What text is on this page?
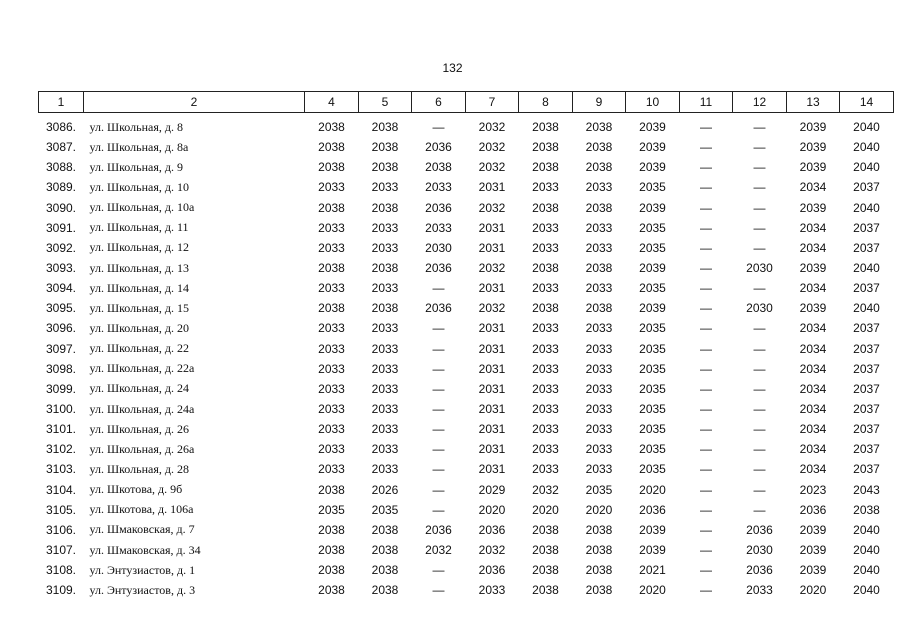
132
1	2	4	5	6	7	8	9	10	11	12	13	14
3086.	ул. Школьная, д. 8	2038	2038	—	2032	2038	2038	2039	—	—	2039	2040
3087.	ул. Школьная, д. 8а	2038	2038	2036	2032	2038	2038	2039	—	—	2039	2040
3088.	ул. Школьная, д. 9	2038	2038	2038	2032	2038	2038	2039	—	—	2039	2040
3089.	ул. Школьная, д. 10	2033	2033	2033	2031	2033	2033	2035	—	—	2034	2037
3090.	ул. Школьная, д. 10а	2038	2038	2036	2032	2038	2038	2039	—	—	2039	2040
3091.	ул. Школьная, д. 11	2033	2033	2033	2031	2033	2033	2035	—	—	2034	2037
3092.	ул. Школьная, д. 12	2033	2033	2030	2031	2033	2033	2035	—	—	2034	2037
3093.	ул. Школьная, д. 13	2038	2038	2036	2032	2038	2038	2039	—	2030	2039	2040
3094.	ул. Школьная, д. 14	2033	2033	—	2031	2033	2033	2035	—	—	2034	2037
3095.	ул. Школьная, д. 15	2038	2038	2036	2032	2038	2038	2039	—	2030	2039	2040
3096.	ул. Школьная, д. 20	2033	2033	—	2031	2033	2033	2035	—	—	2034	2037
3097.	ул. Школьная, д. 22	2033	2033	—	2031	2033	2033	2035	—	—	2034	2037
3098.	ул. Школьная, д. 22а	2033	2033	—	2031	2033	2033	2035	—	—	2034	2037
3099.	ул. Школьная, д. 24	2033	2033	—	2031	2033	2033	2035	—	—	2034	2037
3100.	ул. Школьная, д. 24а	2033	2033	—	2031	2033	2033	2035	—	—	2034	2037
3101.	ул. Школьная, д. 26	2033	2033	—	2031	2033	2033	2035	—	—	2034	2037
3102.	ул. Школьная, д. 26а	2033	2033	—	2031	2033	2033	2035	—	—	2034	2037
3103.	ул. Школьная, д. 28	2033	2033	—	2031	2033	2033	2035	—	—	2034	2037
3104.	ул. Шкотова, д. 9б	2038	2026	—	2029	2032	2035	2020	—	—	2023	2043
3105.	ул. Шкотова, д. 106а	2035	2035	—	2020	2020	2020	2036	—	—	2036	2038
3106.	ул. Шмаковская, д. 7	2038	2038	2036	2036	2038	2038	2039	—	2036	2039	2040
3107.	ул. Шмаковская, д. 34	2038	2038	2032	2032	2038	2038	2039	—	2030	2039	2040
3108.	ул. Энтузиастов, д. 1	2038	2038	—	2036	2038	2038	2021	—	2036	2039	2040
3109.	ул. Энтузиастов, д. 3	2038	2038	—	2033	2038	2038	2020	—	2033	2020	2040
